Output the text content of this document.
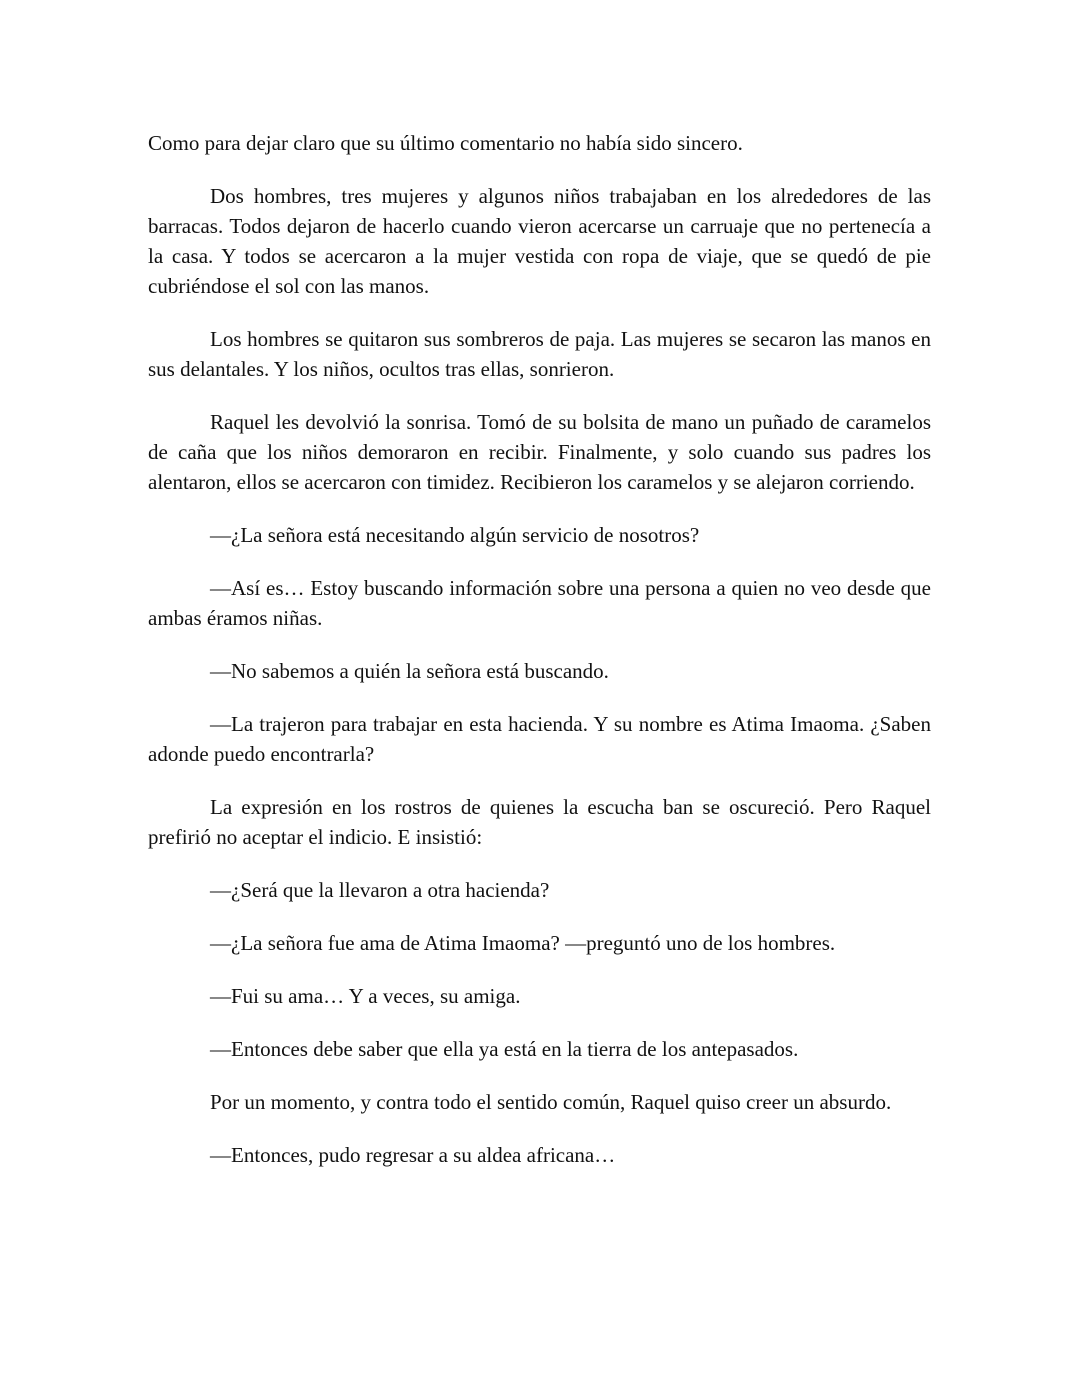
Como para dejar claro que su último comentario no había sido sincero.

Dos hombres, tres mujeres y algunos niños trabajaban en los alrededores de las barracas. Todos dejaron de hacerlo cuando vieron acercarse un carruaje que no pertenecía a la casa. Y todos se acercaron a la mujer vestida con ropa de viaje, que se quedó de pie cubriéndose el sol con las manos.

Los hombres se quitaron sus sombreros de paja. Las mujeres se secaron las manos en sus delantales. Y los niños, ocultos tras ellas, sonrieron.

Raquel les devolvió la sonrisa. Tomó de su bolsita de mano un puñado de caramelos de caña que los niños demoraron en recibir. Finalmente, y solo cuando sus padres los alentaron, ellos se acercaron con timidez. Recibieron los caramelos y se alejaron corriendo.

—¿La señora está necesitando algún servicio de nosotros?

—Así es… Estoy buscando información sobre una persona a quien no veo desde que ambas éramos niñas.

—No sabemos a quién la señora está buscando.

—La trajeron para trabajar en esta hacienda. Y su nombre es Atima Imaoma. ¿Saben adonde puedo encontrarla?

La expresión en los rostros de quienes la escucha ban se oscureció. Pero Raquel prefirió no aceptar el indicio. E insistió:

—¿Será que la llevaron a otra hacienda?

—¿La señora fue ama de Atima Imaoma? —preguntó uno de los hombres.

—Fui su ama… Y a veces, su amiga.

—Entonces debe saber que ella ya está en la tierra de los antepasados.

Por un momento, y contra todo el sentido común, Raquel quiso creer un absurdo.

—Entonces, pudo regresar a su aldea africana…
